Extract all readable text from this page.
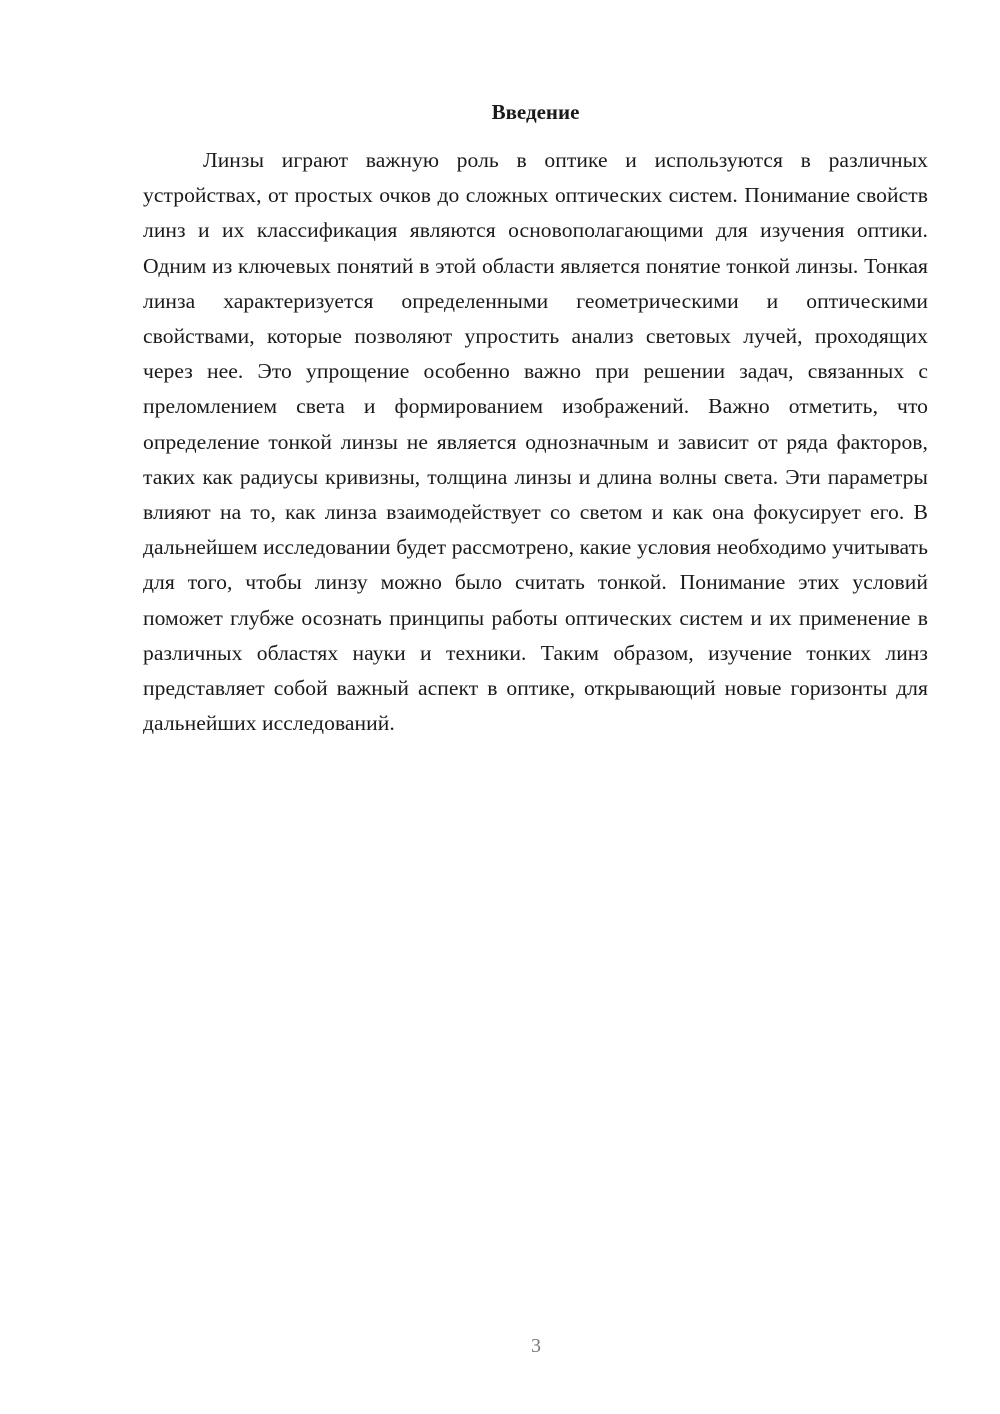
Введение

Линзы играют важную роль в оптике и используются в различных устройствах, от простых очков до сложных оптических систем. Понимание свойств линз и их классификация являются основополагающими для изучения оптики. Одним из ключевых понятий в этой области является понятие тонкой линзы. Тонкая линза характеризуется определенными геометрическими и оптическими свойствами, которые позволяют упростить анализ световых лучей, проходящих через нее. Это упрощение особенно важно при решении задач, связанных с преломлением света и формированием изображений. Важно отметить, что определение тонкой линзы не является однозначным и зависит от ряда факторов, таких как радиусы кривизны, толщина линзы и длина волны света. Эти параметры влияют на то, как линза взаимодействует со светом и как она фокусирует его. В дальнейшем исследовании будет рассмотрено, какие условия необходимо учитывать для того, чтобы линзу можно было считать тонкой. Понимание этих условий поможет глубже осознать принципы работы оптических систем и их применение в различных областях науки и техники. Таким образом, изучение тонких линз представляет собой важный аспект в оптике, открывающий новые горизонты для дальнейших исследований.

3
